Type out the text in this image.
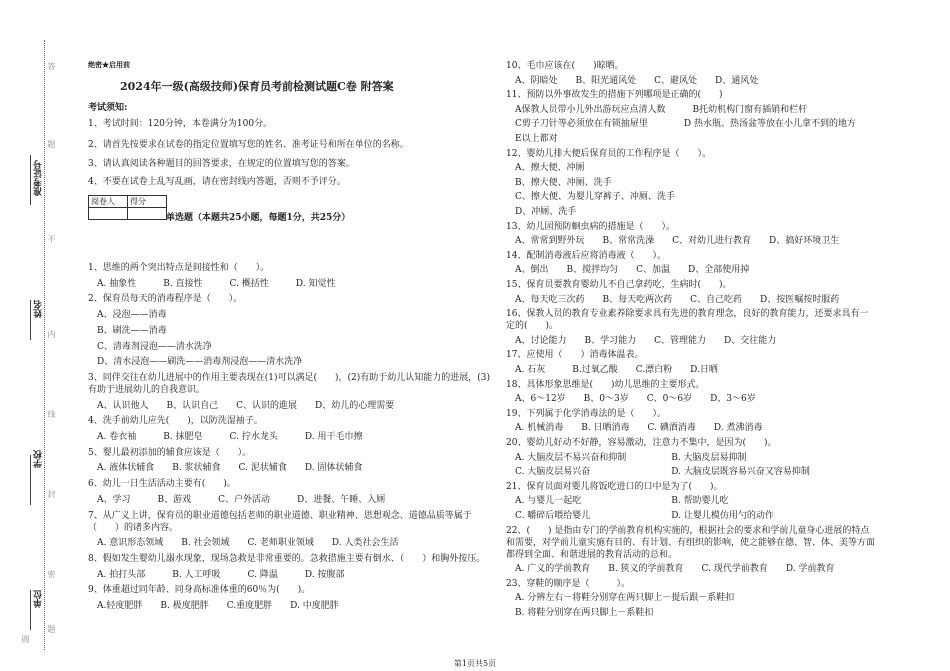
准考证号
姓名
学校
单位
答
题
不
内
线
封
密
题
圆
绝密★启用前
2024年一级(高级技师)保育员考前检测试题C卷 附答案
考试须知:
1、考试时间：120分钟，本卷满分为100分。
2、请首先按要求在试卷的指定位置填写您的姓名、准考证号和所在单位的名称。
3、请认真阅读各种题目的回答要求，在规定的位置填写您的答案。
4、不要在试卷上乱写乱画，请在密封线内答题，否则不予评分。
阅卷人	得分

单选题（本题共25小题，每题1分，共25分）
1、思维的两个突出特点是间接性和（　　）。
　A. 抽象性　　　B. 直接性　　　C. 概括性　　　D. 知觉性
2、保育员每天的消毒程序是（　　）。
　A、浸泡——消毒
　B、刷洗——消毒
　C、清毒剂浸泡——清水洗净
　D、清水浸泡——刷洗——消毒剂浸泡——清水洗净
3、同伴交往在幼儿进展中的作用主要表现在(1)可以满足(　　)，(2)有助于幼儿认知能力的进展，(3)有助于进展幼儿的自我意识。
　A、认识他人　　B、认识自己　　C、认识的進展　　D、幼儿的心理需要
4、洗手前幼儿应先(　　)，以防洗湿袖子。
　A. 卷衣袖　　　B. 抹肥皂　　　C. 拧水龙头　　　D. 用干毛巾擦
5、婴儿最初添加的辅食应该是（　　）。
　A. 液体状辅食　　B. 浆状辅食　　C. 泥状辅食　　D. 固体状辅食
6、幼儿一日生活活动主要有(　　)。
　A、学习　　　B、游戏　　　C、户外活动　　　D、进餐、午睡、入厕
7、从广义上讲，保育员的职业道德包括老师的职业道德、职业精神、思想观念、道德品质等属于（　　）的诸多内容。
　A. 意识形态领域　　B. 社会领域　　C. 老师职业领域　　D. 人类社会生活
8、假如发生婴幼儿溺水现象，现场急救是非常重要的。急救措施主要有倒水、（　　）和胸外按压。
　A. 拍打头部　　　B. 人工呼吸　　　C. 降温　　　D. 按腹部
9、体重超过同年龄、同身高标准体重的60％为(　　)。
　A.轻度肥胖　　B. 极度肥胖　　C.重度肥胖　　D. 中度肥胖
10、毛巾应该在(　　)晾晒。
　A、阴暗处　　B、阳光通风处　　C、避风处　　D、通风处
11、预防以外事故发生的措施下列哪项是正确的(　　)
　A保教人员带小儿外出游玩应点清人数　　　B托幼机构门窗有插销和栏杆
　C剪子刀针等必须放在有锁抽屉里　　　　D 热水瓶、热汤盆等放在小儿拿不到的地方
　E以上都对
12、婴幼儿排大便后保育员的工作程序是（　　）。
　A、擦大便、冲厕
　B、擦大便、冲厕、洗手
　C、擦大便、为婴儿穿裤子、冲厕、洗手
　D、冲厕、洗手
13、幼儿园预防蛔虫病的措施是（　　）。
　A、常常到野外玩　　B、常常洗澡　　C、对幼儿进行教育　　D、搞好环境卫生
14、配制消毒液后应将消毒液（　　）。
　A、倒出　　B、搅拌均匀　　C、加温　　D、全部使用掉
15、保育员要教育婴幼儿不自己拿药吃，生病时(　　)。
　A、每天吃三次药　　B、每天吃两次药　　C、自己吃药　　D、按医嘱按时服药
16、保教人员的教育专业素养除要求具有先进的教育理念，良好的教育能力，还要求具有一定的(　　)。
　A、讨论能力　　B、学习能力　　C、管理能力　　D、交往能力
17、应使用（　　）消毒体温表。
　A. 石灰　　　B.过氧乙酸　　C.漂白粉　　D.日晒
18、具体形象思维是(　　)幼儿思维的主要形式。
　A、6～12岁　　B、0～3岁　　C、0～6岁　　D、3～6岁
19、下列属于化学消毒法的是（　　）。
　A. 机械消毒　　B. 日晒消毒　　C. 碘酒消毒　　D. 煮沸消毒
20、婴幼儿好动不好静，容易激动，注意力不集中，是因为(　　)。
　A. 大脑皮层不易兴奋和抑制　　　　　B. 大脑皮层易抑制
　C. 大脑皮层易兴奋　　　　　　　　　D. 大脑皮层既容易兴奋又容易抑制
21、保育员面对婴儿将饭吃进口的口中是为了(　　)。
　A. 与婴儿一起吃　　　　　　　　　　B. 帮助婴儿吃
　C. 嚼碎后喂给婴儿　　　　　　　　　D. 让婴儿模仿用勺的动作
22、(　　) 是指由专门的学前教育机构实施的，根据社会的要求和学前儿童身心进展的特点和需要，对学前儿童实施有目的、有计划、有组织的影响，使之能够在德、智、体、美等方面都得到全面、和谐进展的教育活动的总和。
　A. 广义的学前教育　　B. 狭义的学前教育　　C. 现代学前教育　　D. 学前教育
23、穿鞋的顺序是（　　　）。
　A. 分辨左右－将鞋分别穿在两只脚上－提后跟－系鞋扣
　B. 将鞋分别穿在两只脚上－系鞋扣
第1页共5页
